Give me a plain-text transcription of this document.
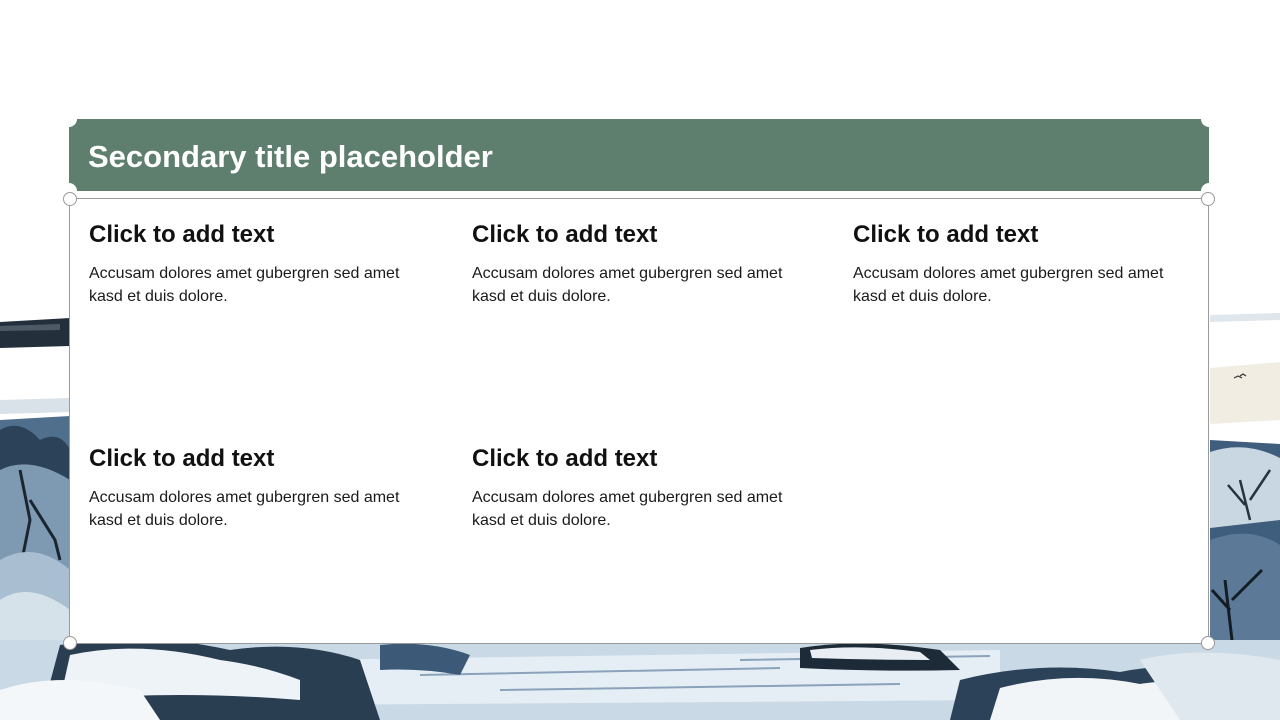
Secondary title placeholder
Click to add text

Accusam dolores amet gubergren sed amet kasd et duis dolore.

Click to add text

Accusam dolores amet gubergren sed amet kasd et duis dolore.

Click to add text

Accusam dolores amet gubergren sed amet kasd et duis dolore.

Click to add text

Accusam dolores amet gubergren sed amet kasd et duis dolore.

Click to add text

Accusam dolores amet gubergren sed amet kasd et duis dolore.
